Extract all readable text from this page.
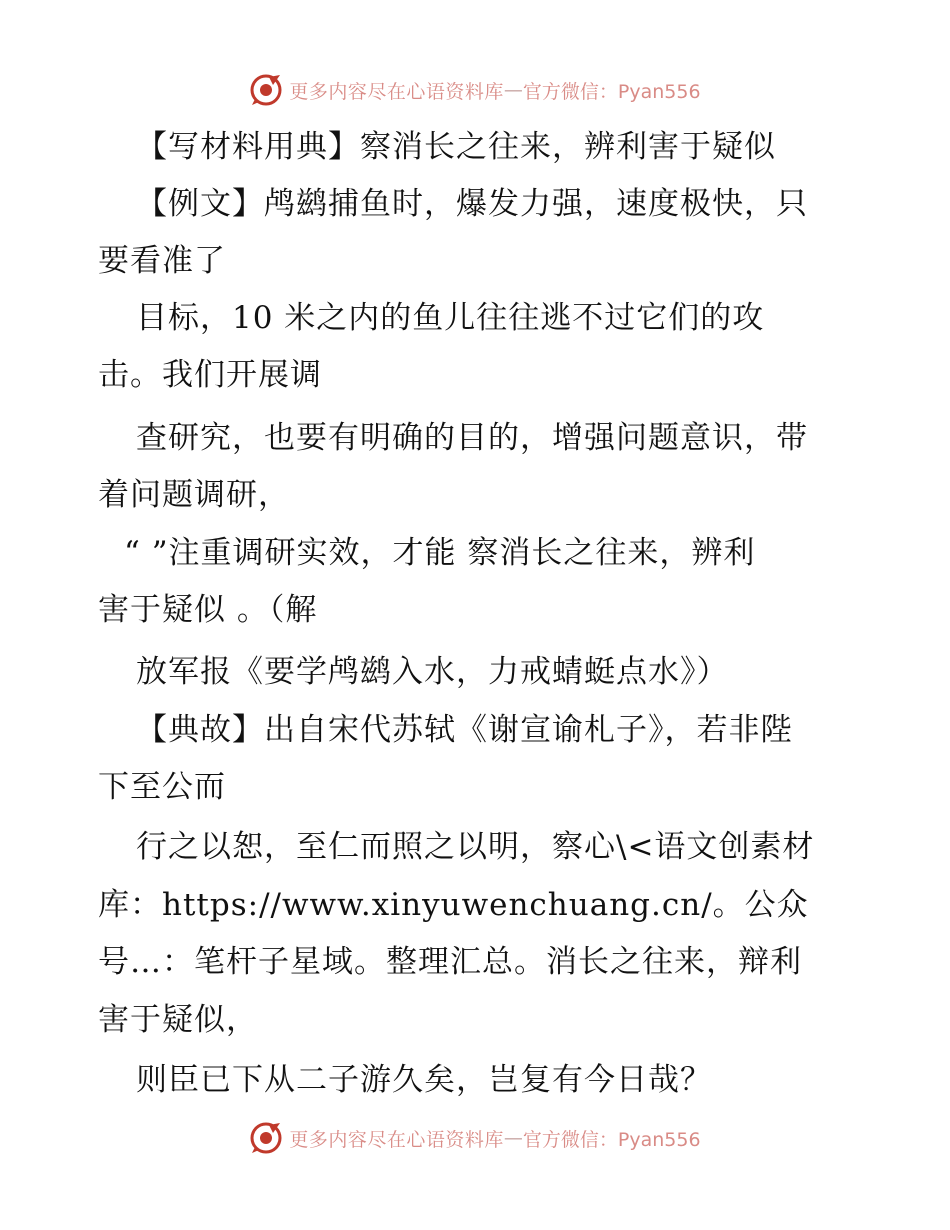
更多内容尽在心语资料库 — 官方微信：Pyan556
【写材料用典】察消长之往来，辨利害于疑似
【例文】鸬鹚捕鱼时，爆发力强，速度极快，只
要看准了
目标，10 米之内的鱼儿往往逃不过它们的攻
击。我们开展调
查研究，也要有明确的目的，增强问题意识，带
着问题调研，
“ ”注重调研实效，才能 察消长之往来，辨利
害于疑似 。（解
放军报《要学鸬鹚入水，力戒蜻蜓点水》）
【典故】出自宋代苏轼《谢宣谕札子》，若非陛
下至公而
行之以恕，至仁而照之以明，察心\<语文创素材
库：https://www.xinyuwenchuang.cn/。公众
号…：笔杆子星域。整理汇总。消长之往来，辩利
害于疑似，
则臣已下从二子游久矣，岂复有今日哉？
更多内容尽在心语资料库 — 官方微信：Pyan556
